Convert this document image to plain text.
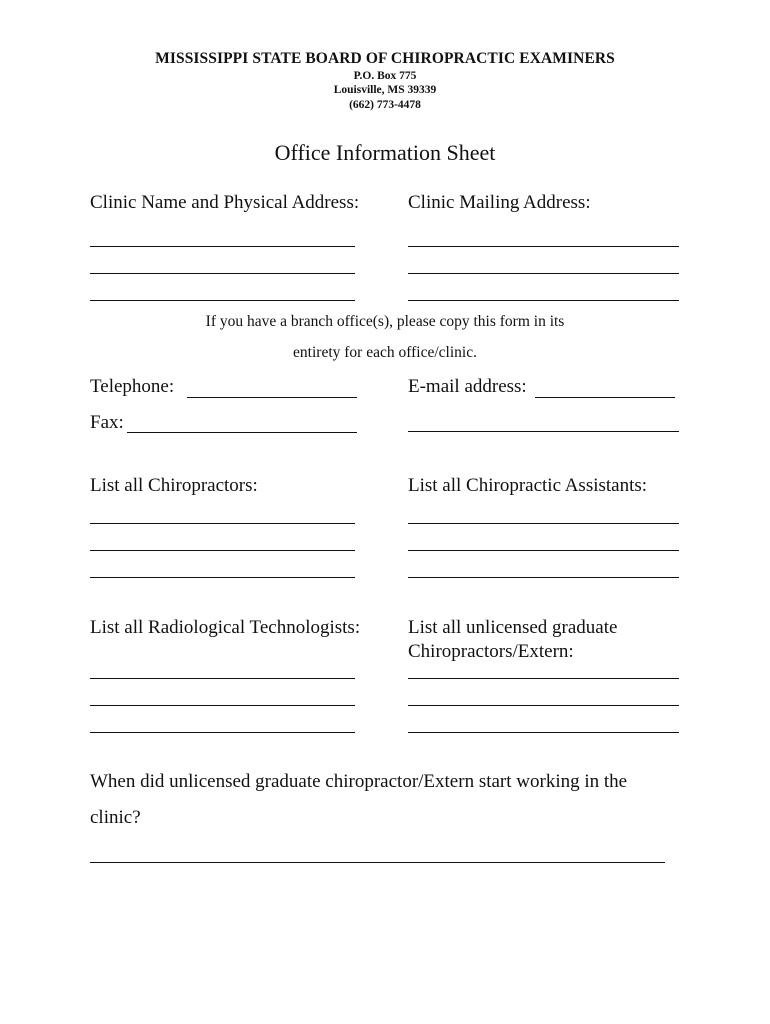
MISSISSIPPI STATE BOARD OF CHIROPRACTIC EXAMINERS
P.O. Box 775
Louisville, MS 39339
(662) 773-4478
Office Information Sheet
Clinic Name and Physical Address:	Clinic Mailing Address:
If you have a branch office(s), please copy this form in its
entirety for each office/clinic.
Telephone:	E-mail address:
Fax:
List all Chiropractors:	List all Chiropractic Assistants:
List all Radiological Technologists:	List all unlicensed graduate
Chiropractors/Extern:
When did unlicensed graduate chiropractor/Extern start working in the
clinic?
